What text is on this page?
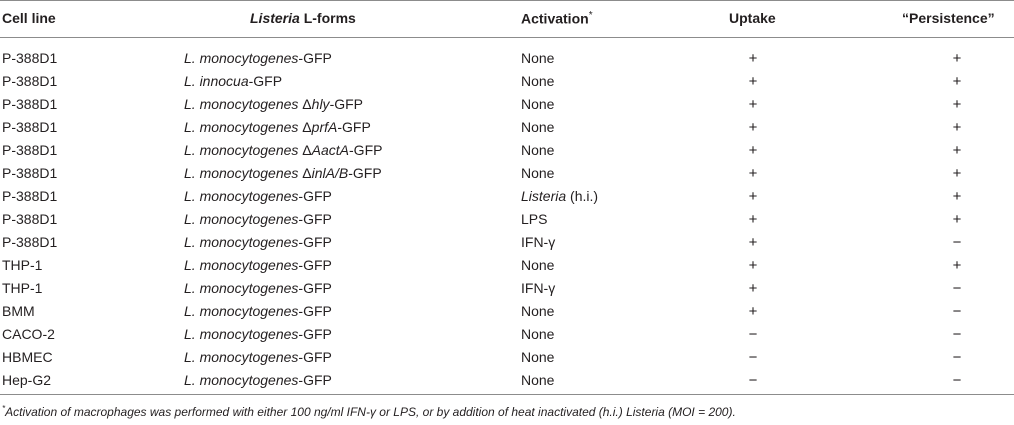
Cell line	Listeria L-forms	Activation*	Uptake	“Persistence”
P-388D1	L. monocytogenes-GFP	None	+	+
P-388D1	L. innocua-GFP	None	+	+
P-388D1	L. monocytogenes Δhly-GFP	None	+	+
P-388D1	L. monocytogenes ΔprfA-GFP	None	+	+
P-388D1	L. monocytogenes ΔAactA-GFP	None	+	+
P-388D1	L. monocytogenes ΔinlA/B-GFP	None	+	+
P-388D1	L. monocytogenes-GFP	Listeria (h.i.)	+	+
P-388D1	L. monocytogenes-GFP	LPS	+	+
P-388D1	L. monocytogenes-GFP	IFN-γ	+	−
THP-1	L. monocytogenes-GFP	None	+	+
THP-1	L. monocytogenes-GFP	IFN-γ	+	−
BMM	L. monocytogenes-GFP	None	+	−
CACO-2	L. monocytogenes-GFP	None	−	−
HBMEC	L. monocytogenes-GFP	None	−	−
Hep-G2	L. monocytogenes-GFP	None	−	−
*Activation of macrophages was performed with either 100 ng/ml IFN-γ or LPS, or by addition of heat inactivated (h.i.) Listeria (MOI = 200).
